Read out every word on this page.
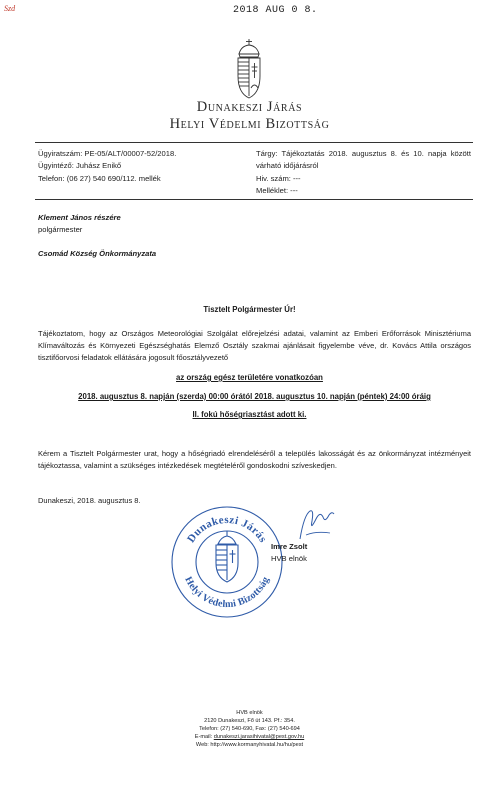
Szd	2018 AUG 0 8.
Dunakeszi Járás
Helyi Védelmi Bizottság
Ügyiratszám: PE-05/ALT/00007-52/2018.
Ügyintéző: Juhász Enikő
Telefon: (06 27) 540 690/112. mellék
Tárgy: Tájékoztatás 2018. augusztus 8. és 10. napja között várható időjárásról
Hiv. szám: ---
Melléklet: ---
Klement János részére
polgármester
Csomád Község Önkormányzata
Tisztelt Polgármester Úr!
Tájékoztatom, hogy az Országos Meteorológiai Szolgálat előrejelzési adatai, valamint az Emberi Erőforrások Minisztériuma Klímaváltozás és Környezeti Egészséghatás Elemző Osztály szakmai ajánlásait figyelembe véve, dr. Kovács Attila országos tisztifőorvosi feladatok ellátására jogosult főosztályvezető
az ország egész területére vonatkozóan
2018. augusztus 8. napján (szerda) 00:00 órától 2018. augusztus 10. napján (péntek) 24:00 óráig
II. fokú hőségriasztást adott ki.
Kérem a Tisztelt Polgármester urat, hogy a hőségriadó elrendeléséről a település lakosságát és az önkormányzat intézményeit tájékoztassa, valamint a szükséges intézkedések megtételéről gondoskodni szíveskedjen.
Dunakeszi, 2018. augusztus 8.
Dunakeszi Járás
Helyi Védelmi Bizottság
Imre Zsolt
HVB elnök
HVB elnök
2120 Dunakeszi, Fő út 143. Pf.: 354.
Telefon: (27) 540-690, Fax: (27) 540-694
E-mail: dunakeszi.jarasihivatal@pest.gov.hu
Web: http://www.kormanyhivatal.hu/hu/pest
